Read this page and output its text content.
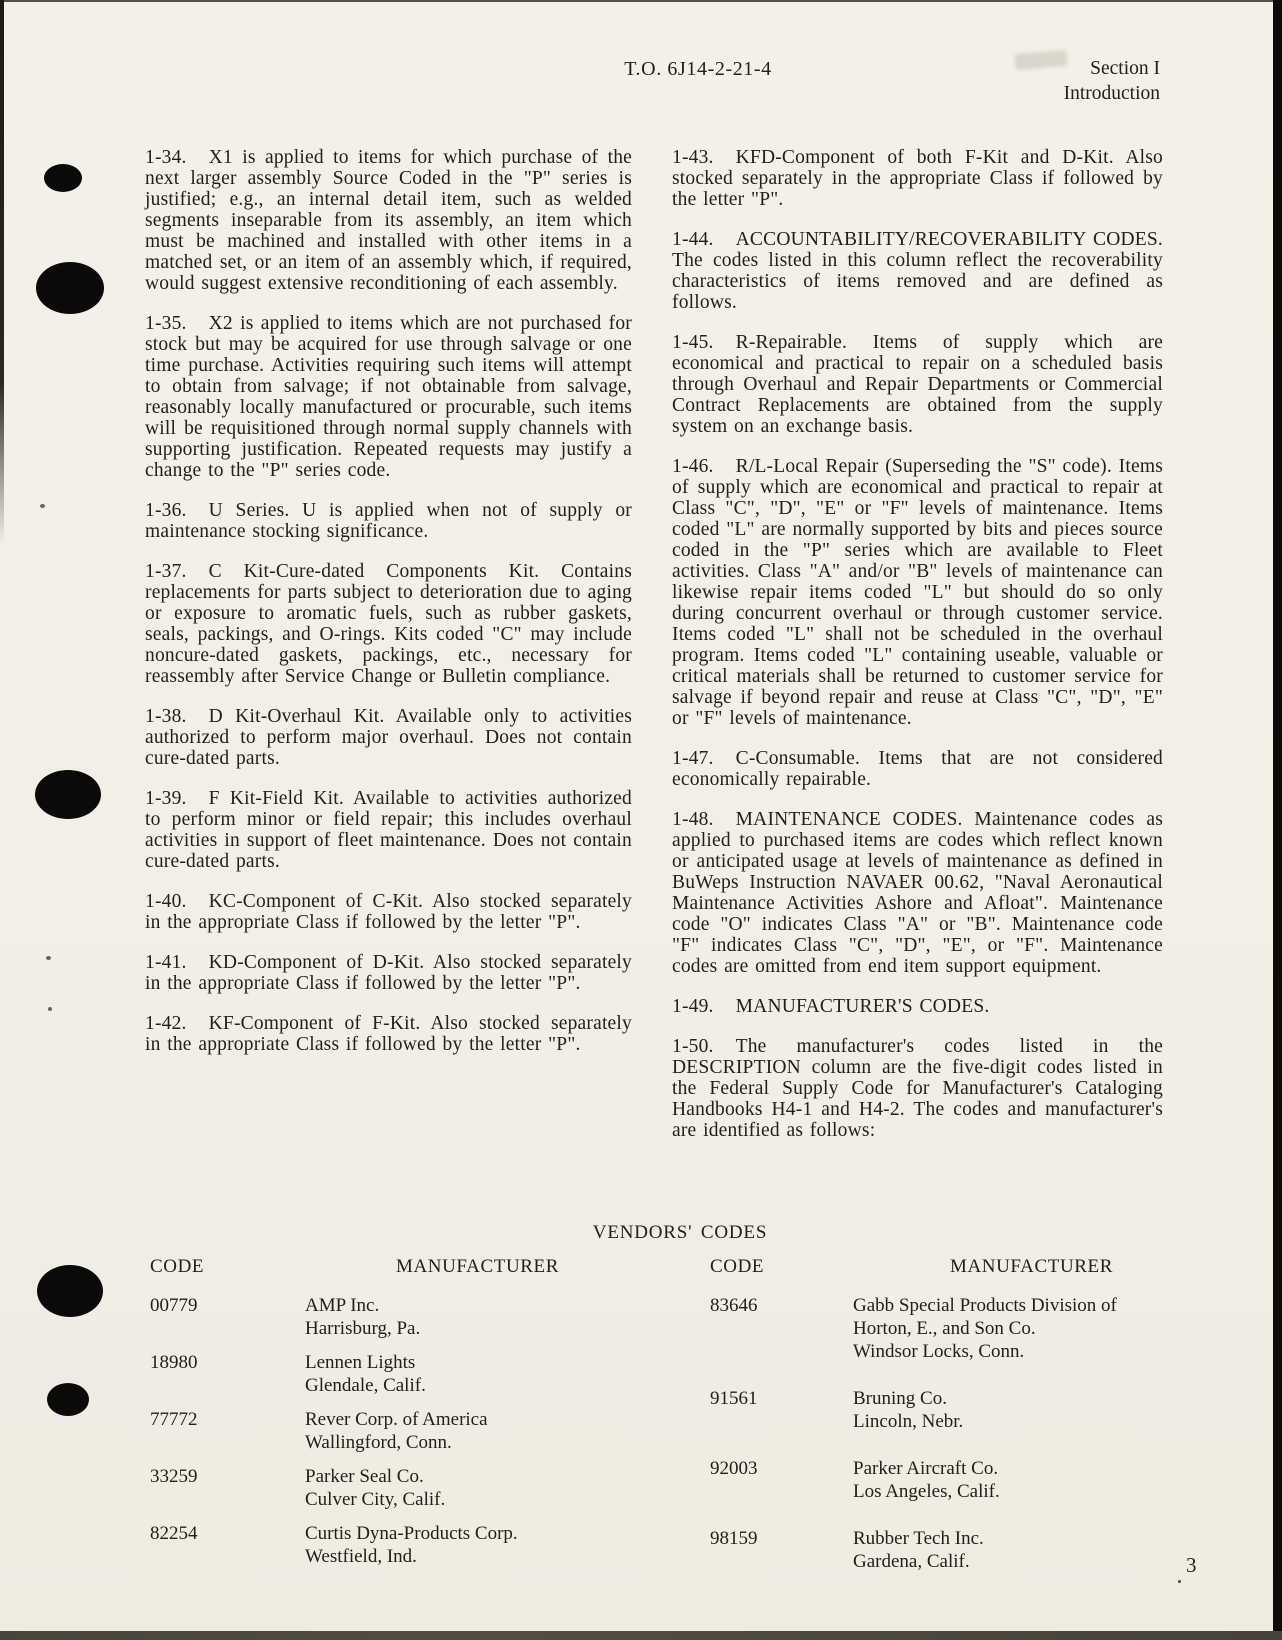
T.O. 6J14-2-21-4	Section I
Introduction

1-34. X1 is applied to items for which purchase of the next larger assembly Source Coded in the "P" series is justified; e.g., an internal detail item, such as welded segments inseparable from its assembly, an item which must be machined and installed with other items in a matched set, or an item of an assembly which, if required, would suggest extensive reconditioning of each assembly.

1-35. X2 is applied to items which are not purchased for stock but may be acquired for use through salvage or one time purchase. Activities requiring such items will attempt to obtain from salvage; if not obtainable from salvage, reasonably locally manufactured or procurable, such items will be requisitioned through normal supply channels with supporting justification. Repeated requests may justify a change to the "P" series code.

1-36. U Series. U is applied when not of supply or maintenance stocking significance.

1-37. C Kit-Cure-dated Components Kit. Contains replacements for parts subject to deterioration due to aging or exposure to aromatic fuels, such as rubber gaskets, seals, packings, and O-rings. Kits coded "C" may include noncure-dated gaskets, packings, etc., necessary for reassembly after Service Change or Bulletin compliance.

1-38. D Kit-Overhaul Kit. Available only to activities authorized to perform major overhaul. Does not contain cure-dated parts.

1-39. F Kit-Field Kit. Available to activities authorized to perform minor or field repair; this includes overhaul activities in support of fleet maintenance. Does not contain cure-dated parts.

1-40. KC-Component of C-Kit. Also stocked separately in the appropriate Class if followed by the letter "P".

1-41. KD-Component of D-Kit. Also stocked separately in the appropriate Class if followed by the letter "P".

1-42. KF-Component of F-Kit. Also stocked separately in the appropriate Class if followed by the letter "P".

1-43. KFD-Component of both F-Kit and D-Kit. Also stocked separately in the appropriate Class if followed by the letter "P".

1-44. ACCOUNTABILITY/RECOVERABILITY CODES. The codes listed in this column reflect the recoverability characteristics of items removed and are defined as follows.

1-45. R-Repairable. Items of supply which are economical and practical to repair on a scheduled basis through Overhaul and Repair Departments or Commercial Contract Replacements are obtained from the supply system on an exchange basis.

1-46. R/L-Local Repair (Superseding the "S" code). Items of supply which are economical and practical to repair at Class "C", "D", "E" or "F" levels of maintenance. Items coded "L" are normally supported by bits and pieces source coded in the "P" series which are available to Fleet activities. Class "A" and/or "B" levels of maintenance can likewise repair items coded "L" but should do so only during concurrent overhaul or through customer service. Items coded "L" shall not be scheduled in the overhaul program. Items coded "L" containing useable, valuable or critical materials shall be returned to customer service for salvage if beyond repair and reuse at Class "C", "D", "E" or "F" levels of maintenance.

1-47. C-Consumable. Items that are not considered economically repairable.

1-48. MAINTENANCE CODES. Maintenance codes as applied to purchased items are codes which reflect known or anticipated usage at levels of maintenance as defined in BuWeps Instruction NAVAER 00.62, "Naval Aeronautical Maintenance Activities Ashore and Afloat". Maintenance code "O" indicates Class "A" or "B". Maintenance code "F" indicates Class "C", "D", "E", or "F". Maintenance codes are omitted from end item support equipment.

1-49. MANUFACTURER'S CODES.

1-50. The manufacturer's codes listed in the DESCRIPTION column are the five-digit codes listed in the Federal Supply Code for Manufacturer's Cataloging Handbooks H4-1 and H4-2. The codes and manufacturer's are identified as follows:

VENDORS' CODES
CODE	MANUFACTURER
00779	AMP Inc.
Harrisburg, Pa.
18980	Lennen Lights
Glendale, Calif.
77772	Rever Corp. of America
Wallingford, Conn.
33259	Parker Seal Co.
Culver City, Calif.
82254	Curtis Dyna-Products Corp.
Westfield, Ind.
CODE	MANUFACTURER
83646	Gabb Special Products Division of
Horton, E., and Son Co.
Windsor Locks, Conn.
91561	Bruning Co.
Lincoln, Nebr.
92003	Parker Aircraft Co.
Los Angeles, Calif.
98159	Rubber Tech Inc.
Gardena, Calif.	3
